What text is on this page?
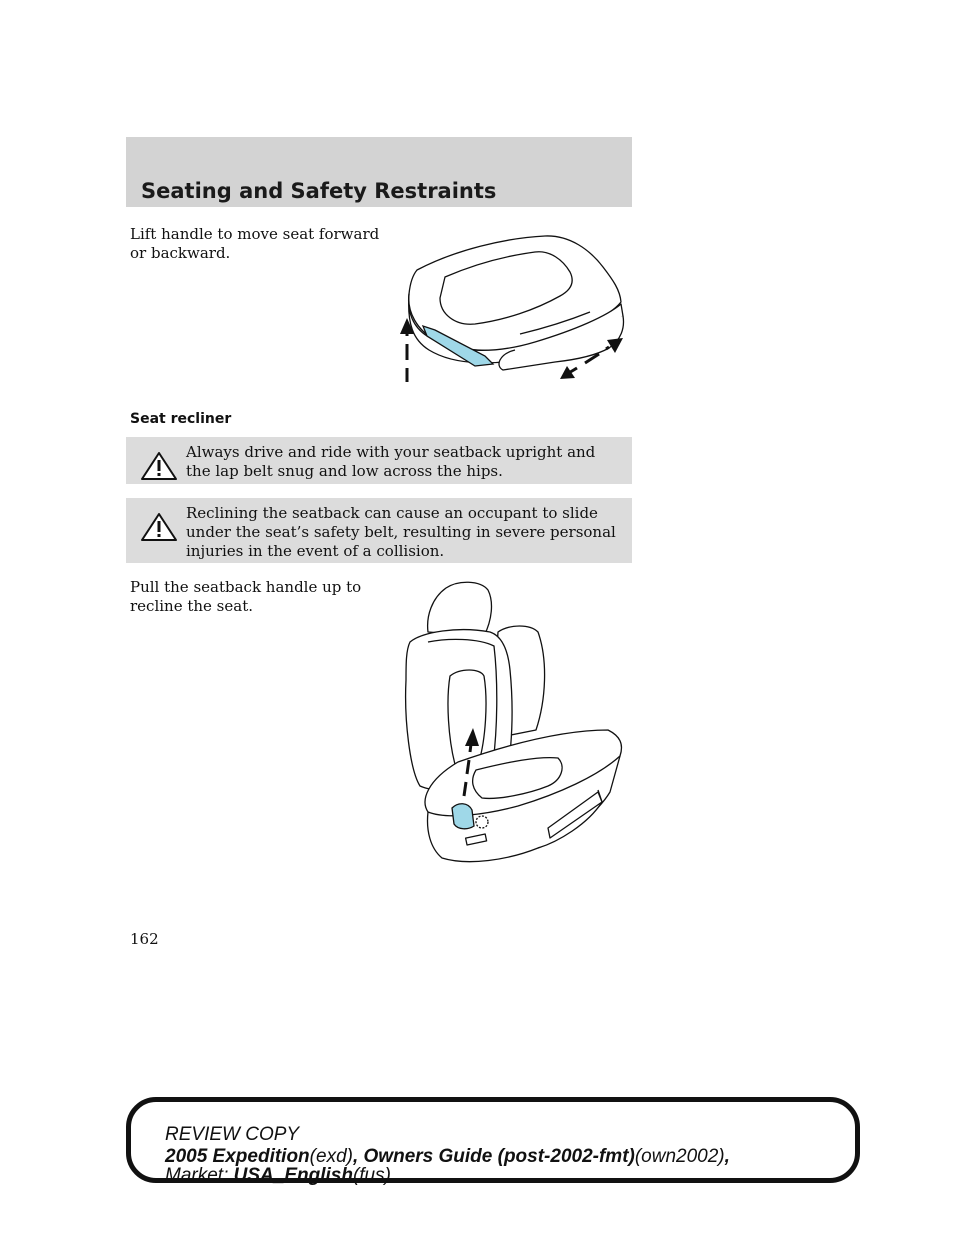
Seating and Safety Restraints
Lift handle to move seat forward or backward.
Seat recliner
Always drive and ride with your seatback upright and the lap belt snug and low across the hips.
Reclining the seatback can cause an occupant to slide under the seat’s safety belt, resulting in severe personal injuries in the event of a collision.
Pull the seatback handle up to recline the seat.
162
REVIEW COPY
2005 Expedition(exd), Owners Guide (post-2002-fmt)(own2002),
Market: USA_English(fus)
